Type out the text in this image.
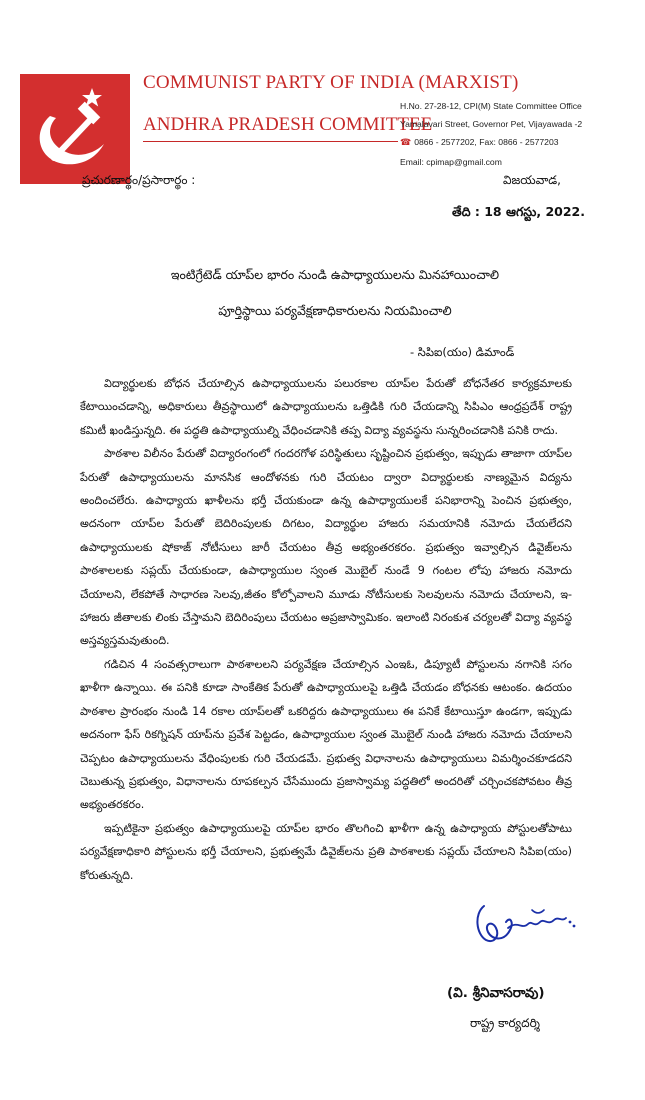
COMMUNIST PARTY OF INDIA (MARXIST)
ANDHRA PRADESH COMMITTEE
H.No. 27-28-12, CPI(M) State Committee Office
Yamalavari Street, Governor Pet, Vijayawada -2
☎ 0866 - 2577202, Fax: 0866 - 2577203
Email: cpimap@gmail.com
ప్రచురణార్థం/ప్రసారార్థం :	విజయవాడ,
తేది : 18 ఆగస్టు, 2022.
ఇంటిగ్రేటెడ్ యాప్‌ల భారం నుండి ఉపాధ్యాయులను మినహాయించాలి
పూర్తిస్థాయి పర్యవేక్షణాధికారులను నియమించాలి
- సిపిఐ(యం) డిమాండ్

విద్యార్థులకు బోధన చేయాల్సిన ఉపాధ్యాయులను పలురకాల యాప్‌ల పేరుతో బోధనేతర కార్యక్రమాలకు కేటాయించడాన్ని, అధికారులు తీవ్రస్థాయిలో ఉపాధ్యాయులను ఒత్తిడికి గురి చేయడాన్ని సిపిఎం ఆంధ్రప్రదేశ్ రాష్ట్ర కమిటీ ఖండిస్తున్నది. ఈ పద్ధతి ఉపాధ్యాయుల్ని వేధించడానికి తప్ప విద్యా వ్యవస్థను సున్నరించడానికి పనికి రాదు.

పాఠశాల విలీనం పేరుతో విద్యారంగంలో గందరగోళ పరిస్థితులు సృష్టించిన ప్రభుత్వం, ఇప్పుడు తాజాగా యాప్‌ల పేరుతో ఉపాధ్యాయులను మానసిక ఆందోళనకు గురి చేయటం ద్వారా విద్యార్థులకు నాణ్యమైన విద్యను అందించలేరు. ఉపాధ్యాయ ఖాళీలను భర్తీ చేయకుండా ఉన్న ఉపాధ్యాయులకే పనిభారాన్ని పెంచిన ప్రభుత్వం, అదనంగా యాప్‌ల పేరుతో బెదిరింపులకు దిగటం, విద్యార్థుల హాజరు సమయానికి నమోదు చేయలేదని ఉపాధ్యాయులకు షోకాజ్ నోటీసులు జారీ చేయటం తీవ్ర అభ్యంతరకరం. ప్రభుత్వం ఇవ్వాల్సిన డివైజ్‌లను పాఠశాలలకు సప్లయ్ చేయకుండా, ఉపాధ్యాయుల స్వంత మొబైల్ నుండే 9 గంటల లోపు హాజరు నమోదు చేయాలని, లేకపోతే సాధారణ సెలవు,జీతం కోల్పోవాలని మూడు నోటీసులకు సెలవులను నమోదు చేయాలని, ఇ-హాజరు జీతాలకు లింకు చేస్తామని బెదిరింపులు చేయటం అప్రజాస్వామికం. ఇలాంటి నిరంకుశ చర్యలతో విద్యా వ్యవస్థ అస్తవ్యస్తమవుతుంది.

గడిచిన 4 సంవత్సరాలుగా పాఠశాలలని పర్యవేక్షణ చేయాల్సిన ఎంఇఓ, డిప్యూటీ పోస్టులను నగానికి సగం ఖాళీగా ఉన్నాయి. ఈ పనికి కూడా సాంకేతిక పేరుతో ఉపాధ్యాయులపై ఒత్తిడి చేయడం బోధనకు ఆటంకం. ఉదయం పాఠశాల ప్రారంభం నుండి 14 రకాల యాప్‌లతో ఒకరిద్దరు ఉపాధ్యాయులు ఈ పనికే కేటాయిస్తూ ఉండగా, ఇప్పుడు అదనంగా ఫేస్ రికగ్నిషన్ యాప్‌ను ప్రవేశ పెట్టడం, ఉపాధ్యాయుల స్వంత మొబైల్ నుండి హాజరు నమోదు చేయాలని చెప్పటం ఉపాధ్యాయులను వేధింపులకు గురి చేయడమే. ప్రభుత్వ విధానాలను ఉపాధ్యాయులు విమర్శించకూడదని చెబుతున్న ప్రభుత్వం, విధానాలను రూపకల్పన చేసేముందు ప్రజాస్వామ్య పద్ధతిలో అందరితో చర్చించకపోవటం తీవ్ర అభ్యంతరకరం.

ఇప్పటికైనా ప్రభుత్వం ఉపాధ్యాయులపై యాప్‌ల భారం తొలగించి ఖాళీగా ఉన్న ఉపాధ్యాయ పోస్టులతోపాటు పర్యవేక్షణాధికారి పోస్టులను భర్తీ చేయాలని, ప్రభుత్వమే డివైజ్‌లను ప్రతి పాఠశాలకు సప్లయ్ చేయాలని సిపిఐ(యం) కోరుతున్నది.

(వి. శ్రీనివాసరావు)
రాష్ట్ర కార్యదర్శి
